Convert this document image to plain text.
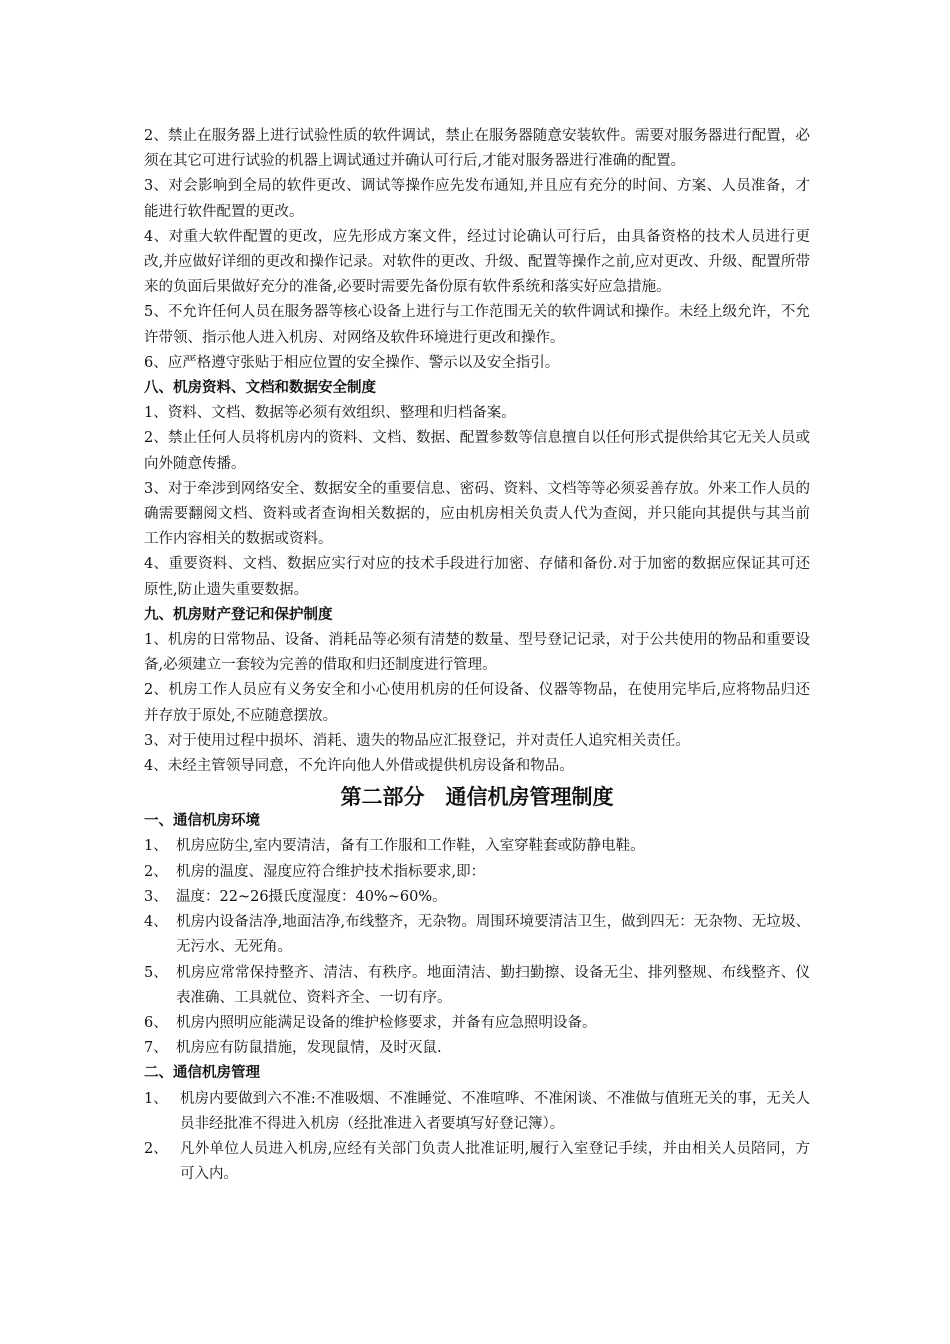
2、禁止在服务器上进行试验性质的软件调试，禁止在服务器随意安装软件。需要对服务器进行配置，必须在其它可进行试验的机器上调试通过并确认可行后,才能对服务器进行准确的配置。

3、对会影响到全局的软件更改、调试等操作应先发布通知,并且应有充分的时间、方案、人员准备，才能进行软件配置的更改。

4、对重大软件配置的更改，应先形成方案文件，经过讨论确认可行后，由具备资格的技术人员进行更改,并应做好详细的更改和操作记录。对软件的更改、升级、配置等操作之前,应对更改、升级、配置所带来的负面后果做好充分的准备,必要时需要先备份原有软件系统和落实好应急措施。

5、不允许任何人员在服务器等核心设备上进行与工作范围无关的软件调试和操作。未经上级允许，不允许带领、指示他人进入机房、对网络及软件环境进行更改和操作。

6、应严格遵守张贴于相应位置的安全操作、警示以及安全指引。

八、机房资料、文档和数据安全制度

1、资料、文档、数据等必须有效组织、整理和归档备案。

2、禁止任何人员将机房内的资料、文档、数据、配置参数等信息擅自以任何形式提供给其它无关人员或向外随意传播。

3、对于牵涉到网络安全、数据安全的重要信息、密码、资料、文档等等必须妥善存放。外来工作人员的确需要翻阅文档、资料或者查询相关数据的，应由机房相关负责人代为查阅，并只能向其提供与其当前工作内容相关的数据或资料。

4、重要资料、文档、数据应实行对应的技术手段进行加密、存储和备份.对于加密的数据应保证其可还原性,防止遗失重要数据。

九、机房财产登记和保护制度

1、机房的日常物品、设备、消耗品等必须有清楚的数量、型号登记记录，对于公共使用的物品和重要设备,必须建立一套较为完善的借取和归还制度进行管理。

2、机房工作人员应有义务安全和小心使用机房的任何设备、仪器等物品，在使用完毕后,应将物品归还并存放于原处,不应随意摆放。

3、对于使用过程中损坏、消耗、遗失的物品应汇报登记，并对责任人追究相关责任。

4、未经主管领导同意，不允许向他人外借或提供机房设备和物品。

第二部分　通信机房管理制度

一、通信机房环境

1、 机房应防尘,室内要清洁，备有工作服和工作鞋，入室穿鞋套或防静电鞋。
2、 机房的温度、湿度应符合维护技术指标要求,即：
3、 温度：22~26摄氏度湿度：40%~60%。
4、 机房内设备洁净,地面洁净,布线整齐，无杂物。周围环境要清洁卫生，做到四无：无杂物、无垃圾、无污水、无死角。
5、 机房应常常保持整齐、清洁、有秩序。地面清洁、勤扫勤擦、设备无尘、排列整规、布线整齐、仪表准确、工具就位、资料齐全、一切有序。
6、 机房内照明应能满足设备的维护检修要求，并备有应急照明设备。
7、 机房应有防鼠措施，发现鼠情，及时灭鼠.

二、通信机房管理

1、 机房内要做到六不准:不准吸烟、不准睡觉、不准喧哗、不准闲谈、不准做与值班无关的事，无关人员非经批准不得进入机房（经批准进入者要填写好登记簿）。
2、 凡外单位人员进入机房,应经有关部门负责人批准证明,履行入室登记手续，并由相关人员陪同，方可入内。
